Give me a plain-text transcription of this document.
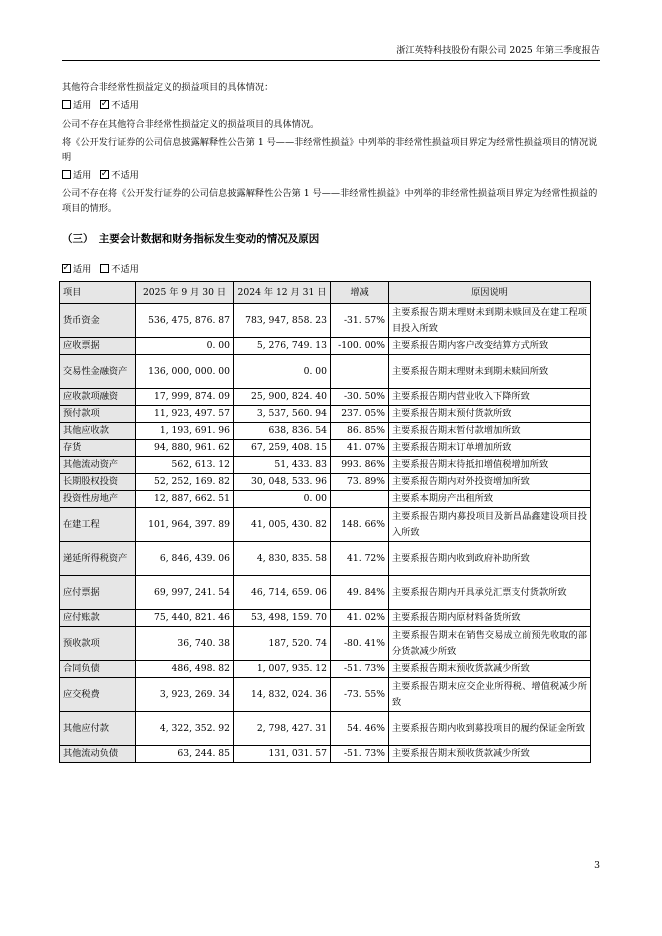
浙江英特科技股份有限公司 2025 年第三季度报告
其他符合非经常性损益定义的损益项目的具体情况：
适用 ✓ 不适用
公司不存在其他符合非经常性损益定义的损益项目的具体情况。
将《公开发行证券的公司信息披露解释性公告第 1 号——非经常性损益》中列举的非经常性损益项目界定为经常性损益项目的情况说明
适用 ✓ 不适用
公司不存在将《公开发行证券的公司信息披露解释性公告第 1 号——非经常性损益》中列举的非经常性损益项目界定为经常性损益的项目的情形。
（三）　主要会计数据和财务指标发生变动的情况及原因
✓适用 不适用
项目	2025 年 9 月 30 日	2024 年 12 月 31 日	增减	原因说明
货币资金	536, 475, 876. 87	783, 947, 858. 23	-31. 57%	主要系报告期末理财未到期未赎回及在建工程项目投入所致
应收票据	0. 00	5, 276, 749. 13	-100. 00%	主要系报告期内客户改变结算方式所致
交易性金融资产	136, 000, 000. 00	0. 00		主要系报告期末理财未到期未赎回所致
应收款项融资	17, 999, 874. 09	25, 900, 824. 40	-30. 50%	主要系报告期内营业收入下降所致
预付款项	11, 923, 497. 57	3, 537, 560. 94	237. 05%	主要系报告期末预付货款所致
其他应收款	1, 193, 691. 96	638, 836. 54	86. 85%	主要系报告期末暂付款增加所致
存货	94, 880, 961. 62	67, 259, 408. 15	41. 07%	主要系报告期末订单增加所致
其他流动资产	562, 613. 12	51, 433. 83	993. 86%	主要系报告期末待抵扣增值税增加所致
长期股权投资	52, 252, 169. 82	30, 048, 533. 96	73. 89%	主要系报告期内对外投资增加所致
投资性房地产	12, 887, 662. 51	0. 00		主要系本期房产出租所致
在建工程	101, 964, 397. 89	41, 005, 430. 82	148. 66%	主要系报告期内募投项目及新昌晶鑫建设项目投入所致
递延所得税资产	6, 846, 439. 06	4, 830, 835. 58	41. 72%	主要系报告期内收到政府补助所致
应付票据	69, 997, 241. 54	46, 714, 659. 06	49. 84%	主要系报告期内开具承兑汇票支付货款所致
应付账款	75, 440, 821. 46	53, 498, 159. 70	41. 02%	主要系报告期内原材料备货所致
预收款项	36, 740. 38	187, 520. 74	-80. 41%	主要系报告期末在销售交易成立前预先收取的部分货款减少所致
合同负债	486, 498. 82	1, 007, 935. 12	-51. 73%	主要系报告期末预收货款减少所致
应交税费	3, 923, 269. 34	14, 832, 024. 36	-73. 55%	主要系报告期末应交企业所得税、增值税减少所致
其他应付款	4, 322, 352. 92	2, 798, 427. 31	54. 46%	主要系报告期内收到募投项目的履约保证金所致
其他流动负债	63, 244. 85	131, 031. 57	-51. 73%	主要系报告期末预收货款减少所致
3
